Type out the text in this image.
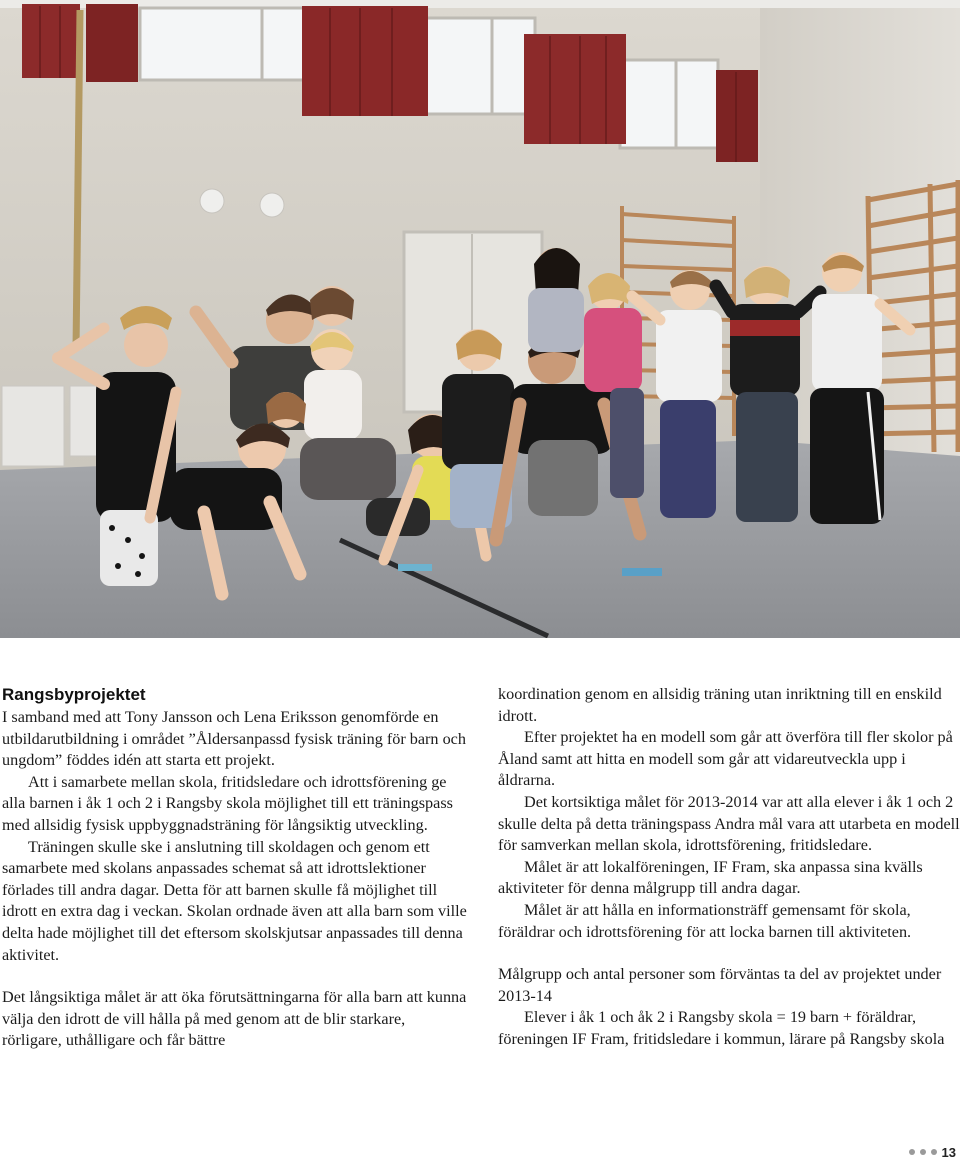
Rangsbyprojektet

I samband med att Tony Jansson och Lena Eriksson genomförde en utbildarutbildning i området ”Åldersanpassd fysisk träning för barn och ungdom” föddes idén att starta ett projekt.

Att i samarbete mellan skola, fritidsledare och idrottsförening ge alla barnen i åk 1 och 2 i Rangsby skola möjlighet till ett träningspass med allsidig fysisk uppbyggnadsträning för långsiktig utveckling.

Träningen skulle ske i anslutning till skoldagen och genom ett samarbete med skolans anpassades schemat så att idrottslektioner förlades till andra dagar. Detta för att barnen skulle få möjlighet till idrott en extra dag i veckan. Skolan ordnade även att alla barn som ville delta hade möjlighet till det eftersom skolskjutsar anpassades till denna aktivitet.

Det långsiktiga målet är att öka förutsättningarna för alla barn att kunna välja den idrott de vill hålla på med genom att de blir starkare, rörligare, uthålligare och får bättre

koordination genom en allsidig träning utan inriktning till en enskild idrott.

Efter projektet ha en modell som går att överföra till fler skolor på Åland samt att hitta en modell som går att vidareutveckla upp i åldrarna.

Det kortsiktiga målet för 2013-2014 var att alla elever i åk 1 och 2 skulle delta på detta träningspass Andra mål vara att utarbeta en modell för samverkan mellan skola, idrottsförening, fritidsledare.

Målet är att lokalföreningen, IF Fram, ska anpassa sina kvälls aktiviteter för denna målgrupp till andra dagar.

Målet är att hålla en informationsträff gemensamt för skola, föräldrar och idrottsförening för att locka barnen till aktiviteten.

Målgrupp och antal personer som förväntas ta del av projektet under 2013-14

Elever i åk 1 och åk 2 i Rangsby skola = 19 barn + föräldrar, föreningen IF Fram, fritidsledare i kommun, lärare på Rangsby skola

13
